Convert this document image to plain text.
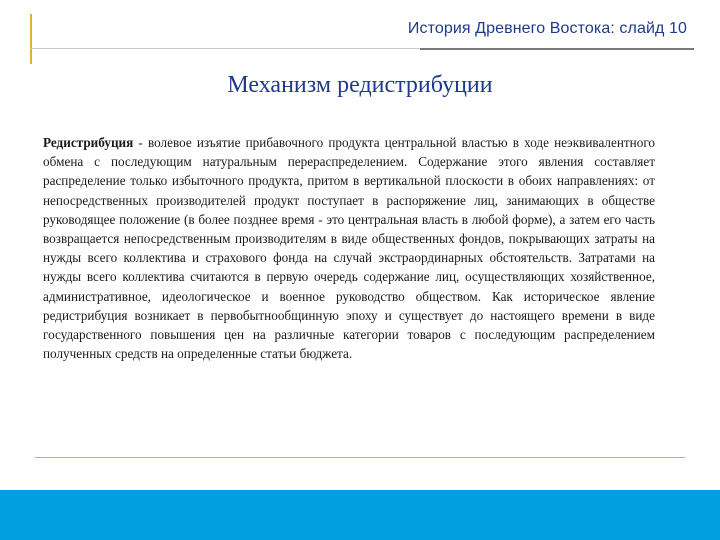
История Древнего Востока: слайд 10
Механизм редистрибуции
Редистрибуция - волевое изъятие прибавочного продукта центральной властью в ходе неэквивалентного обмена с последующим натуральным перераспределением. Содержание этого явления составляет распределение только избыточного продукта, притом в вертикальной плоскости в обоих направлениях: от непосредственных производителей продукт поступает в распоряжение лиц, занимающих в обществе руководящее положение (в более позднее время - это центральная власть в любой форме), а затем его часть возвращается непосредственным производителям в виде общественных фондов, покрывающих затраты на нужды всего коллектива и страхового фонда на случай экстраординарных обстоятельств. Затратами на нужды всего коллектива считаются в первую очередь содержание лиц, осуществляющих хозяйственное, административное, идеологическое и военное руководство обществом. Как историческое явление редистрибуция возникает в первобытнообщинную эпоху и существует до настоящего времени в виде государственного повышения цен на различные категории товаров с последующим распределением полученных средств на определенные статьи бюджета.
